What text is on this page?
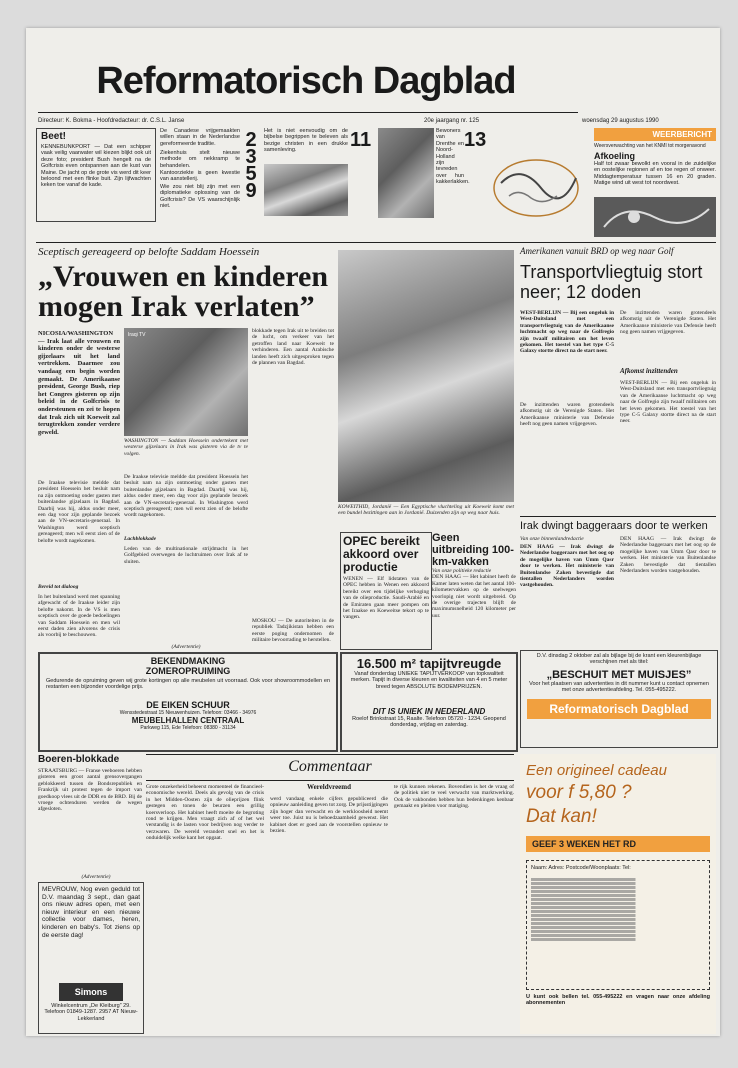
Reformatorisch Dagblad
Directeur: K. Bokma - Hoofdredacteur: dr. C.S.L. Janse	20e jaargang nr. 125	woensdag 29 augustus 1990
Beet!
KENNEBUNKPORT — Dat een schipper vaak veilig vaarwater wil kiezen blijkt ook uit deze foto; president Bush hengelt na de Golfcrisis even ontspannen aan de kust van Maine. De jacht op de grote vis werd dit keer beloond met een flinke buit. Zijn lijfwachten keken toe vanaf de kade.
De Canadese vrijgemaakten willen staan in de Nederlandse gereformeerde traditie.
Ziekenhuis stelt nieuwe methode om nekkramp te behandelen.
Kantoorziekte is geen kwestie van aanstellerij.
Wie zou niet blij zijn met een diplomatieke oplossing van de Golfcrisis? De VS waarschijnlijk niet.
2
3
5
9
Het is niet eenvoudig om de bijbelse begrippen te beleven als bezige christen in een drukke samenleving.	11	Bewoners van Drenthe en Noord-Holland zijn tevreden over hun kakkerlakken.
13	WEERBERICHT
Weersverwachting van het KNMI tot morgenavond
Afkoeling
Half tot zwaar bewolkt en vooral in de zuidelijke en oostelijke regionen af en toe regen of onweer. Middagtemperatuur tussen 16 en 20 graden. Matige wind uit west tot noordwest.
Sceptisch gereageerd op belofte Saddam Hoessein
„Vrouwen en kinderen mogen Irak verlaten”
NICOSIA/WASHINGTON — Irak laat alle vrouwen en kinderen onder de westerse gijzelaars uit het land vertrekken. Daarmee zou vandaag een begin worden gemaakt. De Amerikaanse president, George Bush, riep het Congres gisteren op zijn beleid in de Golfcrisis te ondersteunen en zei te hopen dat Irak zich uit Koeweit zal terugtrekken zonder verdere geweld.
De Iraakse televisie meldde dat president Hoessein het besluit nam na zijn ontmoeting onder gasten met buitenlandse gijzelaars in Bagdad. Daarbij was hij, aldus onder meer, een dag voor zijn geplande bezoek aan de VN-secretaris-generaal. In Washington werd sceptisch gereageerd; men wil eerst zien of de belofte wordt nagekomen.
Bereid tot dialoog
In het buitenland werd met spanning afgewacht of de Iraakse leider zijn belofte nakomt. In de VS is men sceptisch over de goede bedoelingen van Saddam Hoessein en men wil eerst daden zien alvorens de crisis als voorbij te beschouwen.
Iraqi TV
WASHINGTON — Saddam Hoessein ondertekent met westerse gijzelaars in Irak was gisteren via de tv te volgen.
De Iraakse televisie meldde dat president Hoessein het besluit nam na zijn ontmoeting onder gasten met buitenlandse gijzelaars in Bagdad. Daarbij was hij, aldus onder meer, een dag voor zijn geplande bezoek aan de VN-secretaris-generaal. In Washington werd sceptisch gereageerd; men wil eerst zien of de belofte wordt nagekomen.
Lachblokkade
Leden van de multinationale strijdmacht in het Golfgebied overwegen de luchtruimen over Irak af te sluiten.
blokkade tegen Irak uit te breiden tot de lucht, om verkeer van het getroffen land naar Koeweit te verhinderen. Een aantal Arabische landen heeft zich uitgesproken tegen de plannen van Bagdad.
MOSKOU — De autoriteiten in de republiek Tadzjikistan hebben een eerste poging ondernomen de militaire bevoorrading te herstellen.
KOWEITHID, Jordanië — Een Egyptische vluchteling uit Koeweit komt met een bundel bezittingen aan in Jordanië. Duizenden zijn op weg naar huis.
OPEC bereikt akkoord over productie
WENEN — Elf lidstaten van de OPEC hebben in Wenen een akkoord bereikt over een tijdelijke verhoging van de olieproductie. Saudi-Arabië en de Emiraten gaan meer pompen om het Iraakse en Koeweitse tekort op te vangen.
Geen uitbreiding 100-km-vakken
Van onze politieke redactie
DEN HAAG — Het kabinet heeft de Kamer laten weten dat het aantal 100-kilometervakken op de snelwegen voorlopig niet wordt uitgebreid. Op de overige trajecten blijft de maximumsnelheid 120 kilometer per uur.
Amerikanen vanuit BRD op weg naar Golf
Transportvliegtuig stort neer; 12 doden
WEST-BERLIJN — Bij een ongeluk in West-Duitsland met een transportvliegtuig van de Amerikaanse luchtmacht op weg naar de Golfregio zijn twaalf militairen om het leven gekomen. Het toestel van het type C-5 Galaxy stortte direct na de start neer.
De inzittenden waren grotendeels afkomstig uit de Verenigde Staten. Het Amerikaanse ministerie van Defensie heeft nog geen namen vrijgegeven.
De inzittenden waren grotendeels afkomstig uit de Verenigde Staten. Het Amerikaanse ministerie van Defensie heeft nog geen namen vrijgegeven.
Afkomst inzittenden
WEST-BERLIJN — Bij een ongeluk in West-Duitsland met een transportvliegtuig van de Amerikaanse luchtmacht op weg naar de Golfregio zijn twaalf militairen om het leven gekomen. Het toestel van het type C-5 Galaxy stortte direct na de start neer.
Irak dwingt baggeraars door te werken
Van onze binnenlandredactie
DEN HAAG — Irak dwingt de Nederlandse baggeraars met het oog op de mogelijke haven van Umm Qasr door te werken. Het ministerie van Buitenlandse Zaken bevestigde dat tientallen Nederlanders worden vastgehouden.
DEN HAAG — Irak dwingt de Nederlandse baggeraars met het oog op de mogelijke haven van Umm Qasr door te werken. Het ministerie van Buitenlandse Zaken bevestigde dat tientallen Nederlanders worden vastgehouden.
(Advertentie)
BEKENDMAKING ZOMEROPRUIMING
Gedurende de opruiming geven wij grote kortingen op alle meubelen uit voorraad. Ook voor showroommodellen en restanten een bijzonder voordelige prijs.
DE EIKEN SCHUUR
Wensstedestraat 15 Nieuwenhuizen. Telefoon: 03466 - 34976
MEUBELHALLEN CENTRAAL
Parkweg 115, Ede Telefoon: 08380 - 31134
16.500 m² tapijtvreugde
Vanaf donderdag UNIEKE TAPIJTVERKOOP van topkwaliteit merken. Tapijt in diverse kleuren en kwaliteiten van 4 en 5 meter breed tegen ABSOLUTE BODEMPRIJZEN.
DIT IS UNIEK IN NEDERLAND
Roelof Brinkstraat 15, Raalte. Telefoon 05720 - 1234. Geopend donderdag, vrijdag en zaterdag.
D.V. dinsdag 2 oktober zal als bijlage bij de krant een kleurenbijlage verschijnen met als titel:
„BESCHUIT MET MUISJES”
Voor het plaatsen van advertenties in dit nummer kunt u contact opnemen met onze advertentieafdeling. Tel. 055-495222.
Reformatorisch Dagblad
Boeren-blokkade
STRAATSBURG — Franse veeboeren hebben gisteren een groot aantal grensovergangen geblokkeerd tussen de Bondsrepubliek en Frankrijk uit protest tegen de import van goedkoop vlees uit de DDR en de BRD. Bij de vroege ochtenduren werden de wegen afgesloten.
(Advertentie)
MEVROUW, Nog even geduld tot D.V. maandag 3 sept., dan gaat ons nieuw adres open, met een nieuw interieur en een nieuwe collectie voor dames, heren, kinderen en baby's. Tot ziens op de eerste dag!
Simons
Winkelcentrum „De Kleiburg” 29. Telefoon 01849-1287. 2957 AT Nieuw-Lekkerland
Commentaar
Grote onzekerheid beheerst momenteel de financieel-economische wereld. Deels als gevolg van de crisis in het Midden-Oosten zijn de olieprijzen flink gestegen en tonen de beurzen een grillig koersverloop. Het kabinet heeft moeite de begroting rond te krijgen. Men vraagt zich af of het wel verstandig is de lasten voor bedrijven nog verder te verzwaren. De wereld verandert snel en het is onduidelijk welke kant het opgaat.
Wereldvreemd
werd vandaag enkele cijfers gepubliceerd die opnieuw aanleiding geven tot zorg. De prijsstijgingen zijn hoger dan verwacht en de werkloosheid neemt weer toe. Juist nu is behoedzaamheid gewenst. Het kabinet doet er goed aan de voorstellen opnieuw te bezien.
te rijk kunnen rekenen. Bovendien is het de vraag of de politiek niet te veel verwacht van marktwerking. Ook de vakbonden hebben hun bedenkingen kenbaar gemaakt en pleiten voor matiging.
Een origineel cadeau
voor f 5,80 ?
Dat kan!
GEEF 3 WEKEN HET RD
Naam: Adres: Postcode/Woonplaats: Tel:
U kunt ook bellen tel. 055-495222 en vragen naar onze afdeling abonnementen
